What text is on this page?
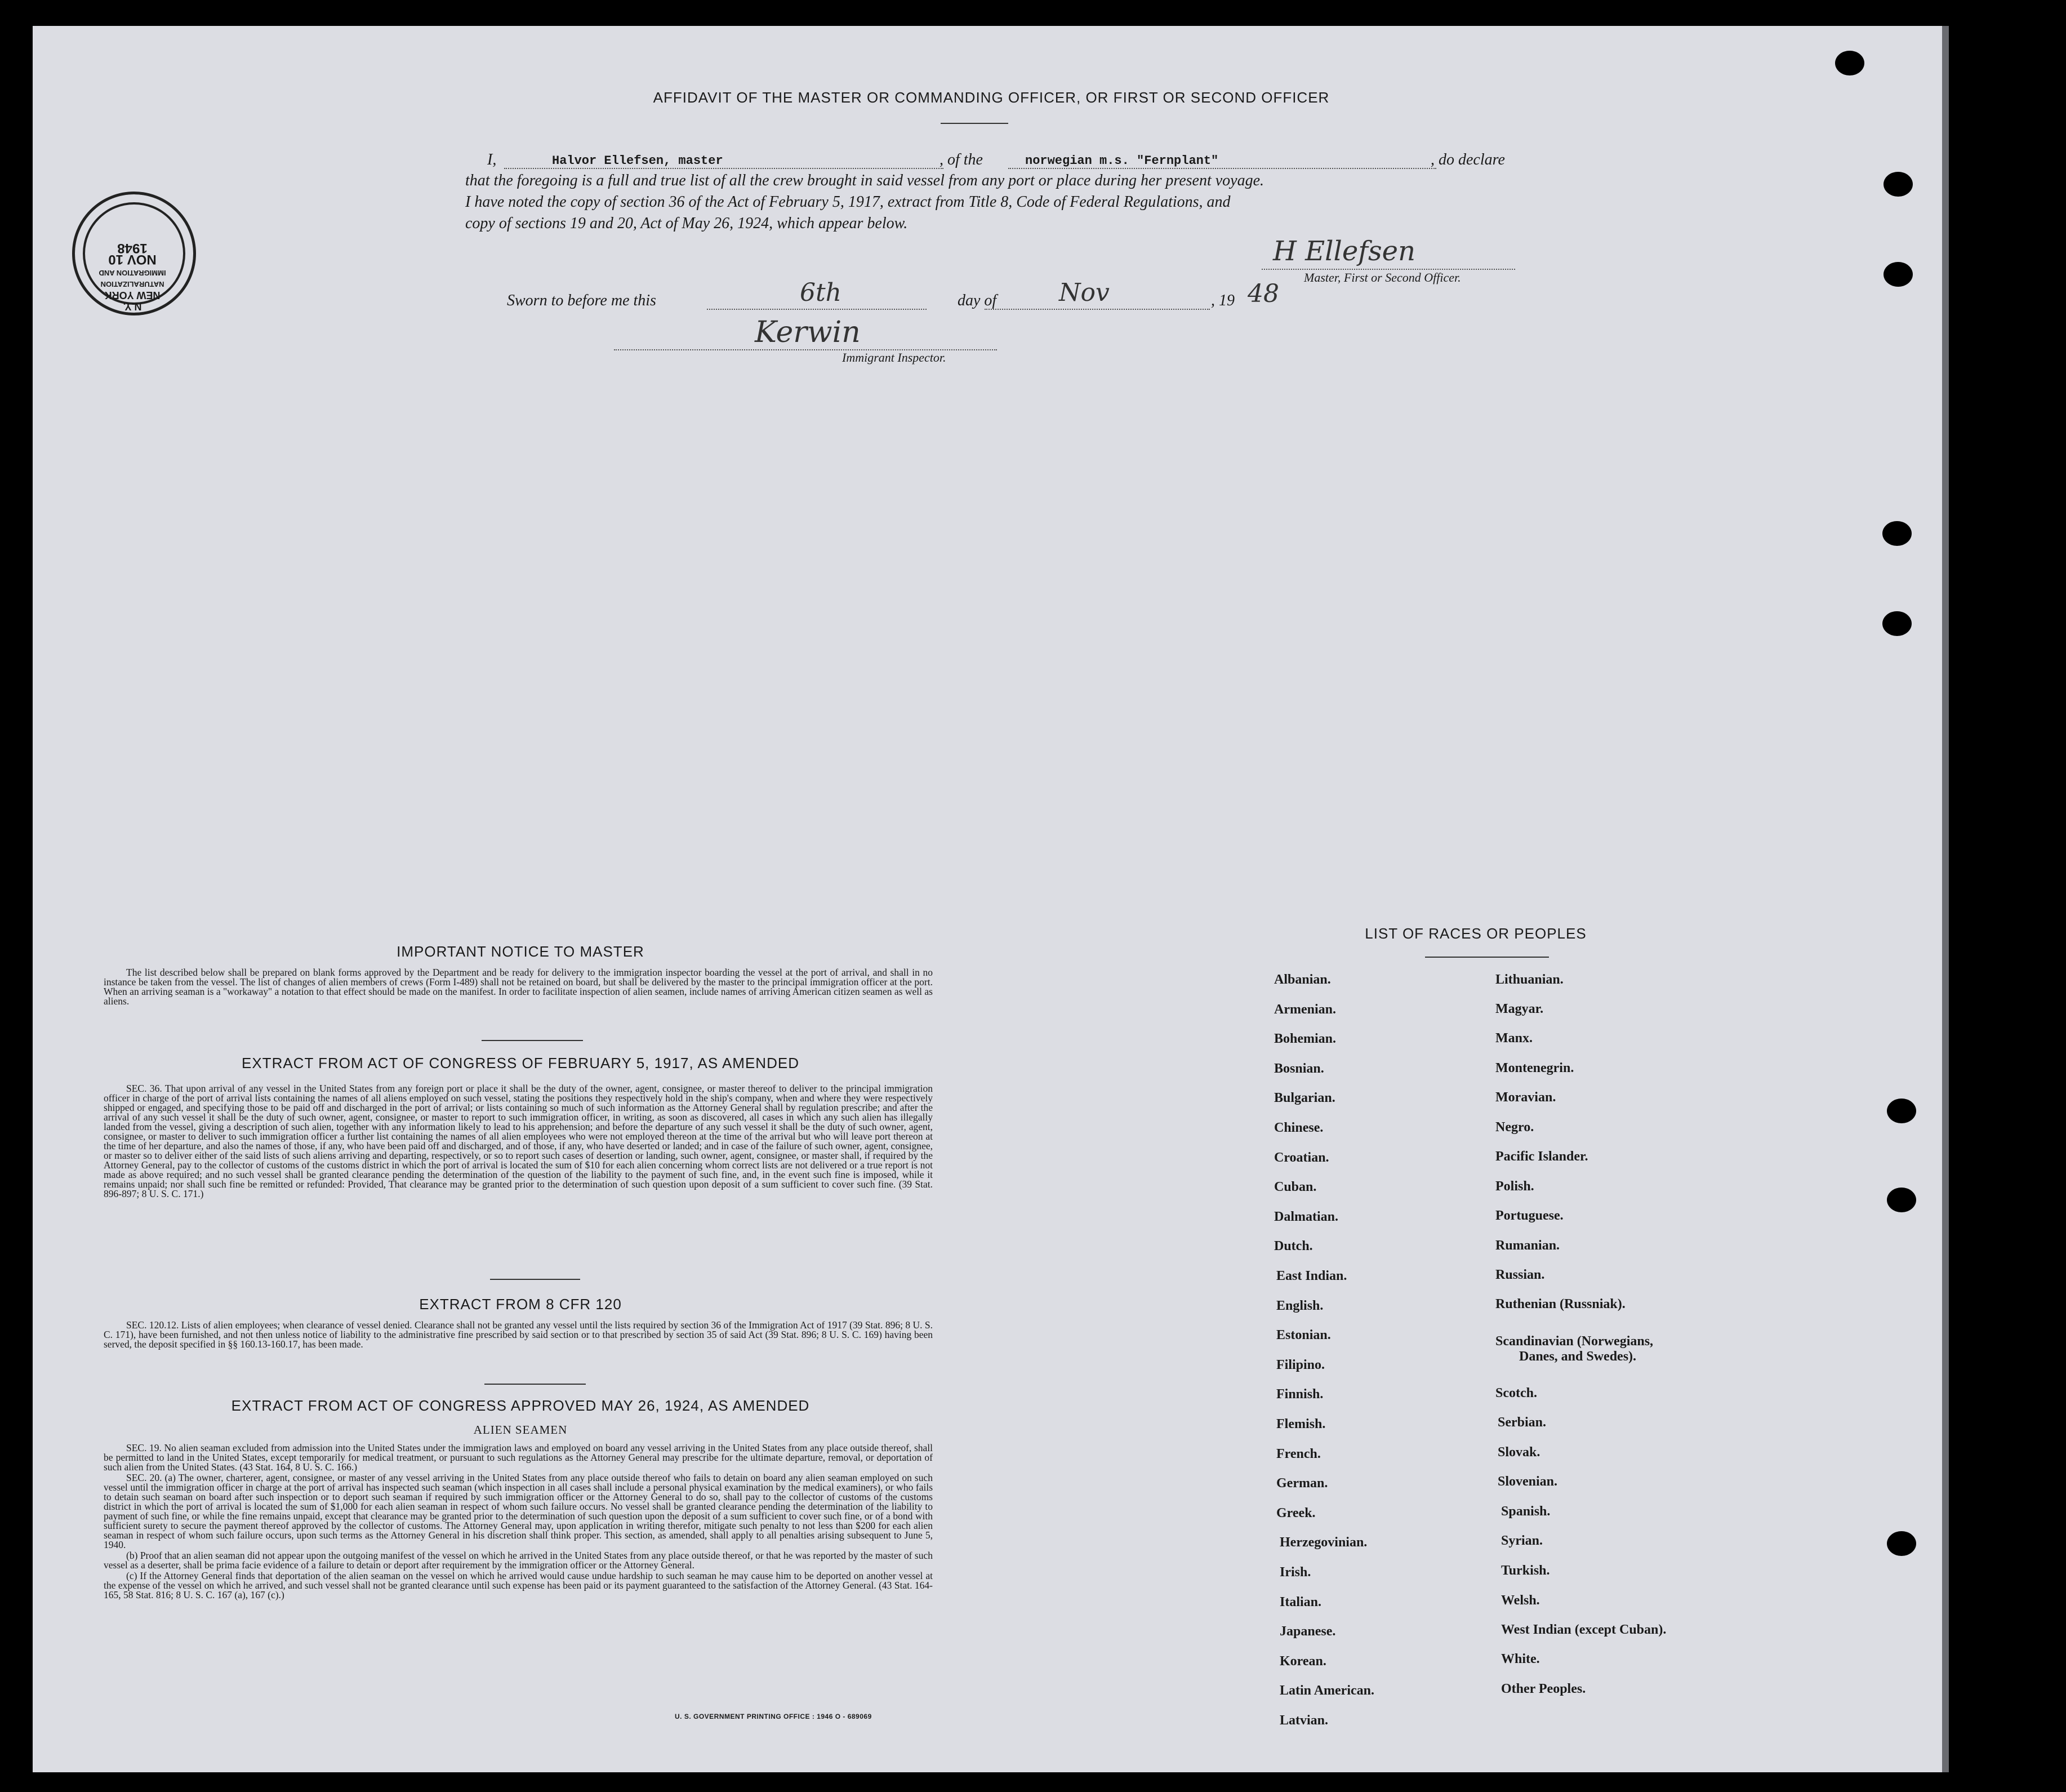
AFFIDAVIT OF THE MASTER OR COMMANDING OFFICER, OR FIRST OR SECOND OFFICER
I,	Halvor Ellefsen, master	, of the	norwegian m.s. "Fernplant"	, do declare
that the foregoing is a full and true list of all the crew brought in said vessel from any port or place during her present voyage.
I have noted the copy of section 36 of the Act of February 5, 1917, extract from Title 8, Code of Federal Regulations, and
copy of sections 19 and 20, Act of May 26, 1924, which appear below.
H Ellefsen
Master, First or Second Officer.
Sworn to before me this	6th	day of	Nov	, 19 48
Kerwin
Immigrant Inspector.
N.Y.
NEW YORK
NATURALIZATION
IMMIGRATION AND
NOV 10 1948
IMPORTANT NOTICE TO MASTER

The list described below shall be prepared on blank forms approved by the Department and be ready for delivery to the immigration inspector boarding the vessel at the port of arrival, and shall in no instance be taken from the vessel. The list of changes of alien members of crews (Form I-489) shall not be retained on board, but shall be delivered by the master to the principal immigration officer at the port. When an arriving seaman is a "workaway" a notation to that effect should be made on the manifest. In order to facilitate inspection of alien seamen, include names of arriving American citizen seamen as well as aliens.

EXTRACT FROM ACT OF CONGRESS OF FEBRUARY 5, 1917, AS AMENDED

SEC. 36. That upon arrival of any vessel in the United States from any foreign port or place it shall be the duty of the owner, agent, consignee, or master thereof to deliver to the principal immigration officer in charge of the port of arrival lists containing the names of all aliens employed on such vessel, stating the positions they respectively hold in the ship's company, when and where they were respectively shipped or engaged, and specifying those to be paid off and discharged in the port of arrival; or lists containing so much of such information as the Attorney General shall by regulation prescribe; and after the arrival of any such vessel it shall be the duty of such owner, agent, consignee, or master to report to such immigration officer, in writing, as soon as discovered, all cases in which any such alien has illegally landed from the vessel, giving a description of such alien, together with any information likely to lead to his apprehension; and before the departure of any such vessel it shall be the duty of such owner, agent, consignee, or master to deliver to such immigration officer a further list containing the names of all alien employees who were not employed thereon at the time of the arrival but who will leave port thereon at the time of her departure, and also the names of those, if any, who have been paid off and discharged, and of those, if any, who have deserted or landed; and in case of the failure of such owner, agent, consignee, or master so to deliver either of the said lists of such aliens arriving and departing, respectively, or so to report such cases of desertion or landing, such owner, agent, consignee, or master shall, if required by the Attorney General, pay to the collector of customs of the customs district in which the port of arrival is located the sum of $10 for each alien concerning whom correct lists are not delivered or a true report is not made as above required; and no such vessel shall be granted clearance pending the determination of the question of the liability to the payment of such fine, and, in the event such fine is imposed, while it remains unpaid; nor shall such fine be remitted or refunded: Provided, That clearance may be granted prior to the determination of such question upon deposit of a sum sufficient to cover such fine. (39 Stat. 896-897; 8 U. S. C. 171.)

EXTRACT FROM 8 CFR 120

SEC. 120.12. Lists of alien employees; when clearance of vessel denied. Clearance shall not be granted any vessel until the lists required by section 36 of the Immigration Act of 1917 (39 Stat. 896; 8 U. S. C. 171), have been furnished, and not then unless notice of liability to the administrative fine prescribed by said section or to that prescribed by section 35 of said Act (39 Stat. 896; 8 U. S. C. 169) having been served, the deposit specified in §§ 160.13-160.17, has been made.

EXTRACT FROM ACT OF CONGRESS APPROVED MAY 26, 1924, AS AMENDED
ALIEN SEAMEN

SEC. 19. No alien seaman excluded from admission into the United States under the immigration laws and employed on board any vessel arriving in the United States from any place outside thereof, shall be permitted to land in the United States, except temporarily for medical treatment, or pursuant to such regulations as the Attorney General may prescribe for the ultimate departure, removal, or deportation of such alien from the United States. (43 Stat. 164, 8 U. S. C. 166.)

SEC. 20. (a) The owner, charterer, agent, consignee, or master of any vessel arriving in the United States from any place outside thereof who fails to detain on board any alien seaman employed on such vessel until the immigration officer in charge at the port of arrival has inspected such seaman (which inspection in all cases shall include a personal physical examination by the medical examiners), or who fails to detain such seaman on board after such inspection or to deport such seaman if required by such immigration officer or the Attorney General to do so, shall pay to the collector of customs of the customs district in which the port of arrival is located the sum of $1,000 for each alien seaman in respect of whom such failure occurs. No vessel shall be granted clearance pending the determination of the liability to payment of such fine, or while the fine remains unpaid, except that clearance may be granted prior to the determination of such question upon the deposit of a sum sufficient to cover such fine, or of a bond with sufficient surety to secure the payment thereof approved by the collector of customs. The Attorney General may, upon application in writing therefor, mitigate such penalty to not less than $200 for each alien seaman in respect of whom such failure occurs, upon such terms as the Attorney General in his discretion shall think proper. This section, as amended, shall apply to all penalties arising subsequent to June 5, 1940.

(b) Proof that an alien seaman did not appear upon the outgoing manifest of the vessel on which he arrived in the United States from any place outside thereof, or that he was reported by the master of such vessel as a deserter, shall be prima facie evidence of a failure to detain or deport after requirement by the immigration officer or the Attorney General.

(c) If the Attorney General finds that deportation of the alien seaman on the vessel on which he arrived would cause undue hardship to such seaman he may cause him to be deported on another vessel at the expense of the vessel on which he arrived, and such vessel shall not be granted clearance until such expense has been paid or its payment guaranteed to the satisfaction of the Attorney General. (43 Stat. 164-165, 58 Stat. 816; 8 U. S. C. 167 (a), 167 (c).)

U. S. GOVERNMENT PRINTING OFFICE : 1946 O - 689069
LIST OF RACES OR PEOPLES
Albanian.
Armenian.
Bohemian.
Bosnian.
Bulgarian.
Chinese.
Croatian.
Cuban.
Dalmatian.
Dutch.
East Indian.
English.
Estonian.
Filipino.
Finnish.
Flemish.
French.
German.
Greek.
Herzegovinian.
Irish.
Italian.
Japanese.
Korean.
Latin American.
Latvian.
Lithuanian.
Magyar.
Manx.
Montenegrin.
Moravian.
Negro.
Pacific Islander.
Polish.
Portuguese.
Rumanian.
Russian.
Ruthenian (Russniak).
Scandinavian (Norwegians,
Danes, and Swedes).
Scotch.
Serbian.
Slovak.
Slovenian.
Spanish.
Syrian.
Turkish.
Welsh.
West Indian (except Cuban).
White.
Other Peoples.
